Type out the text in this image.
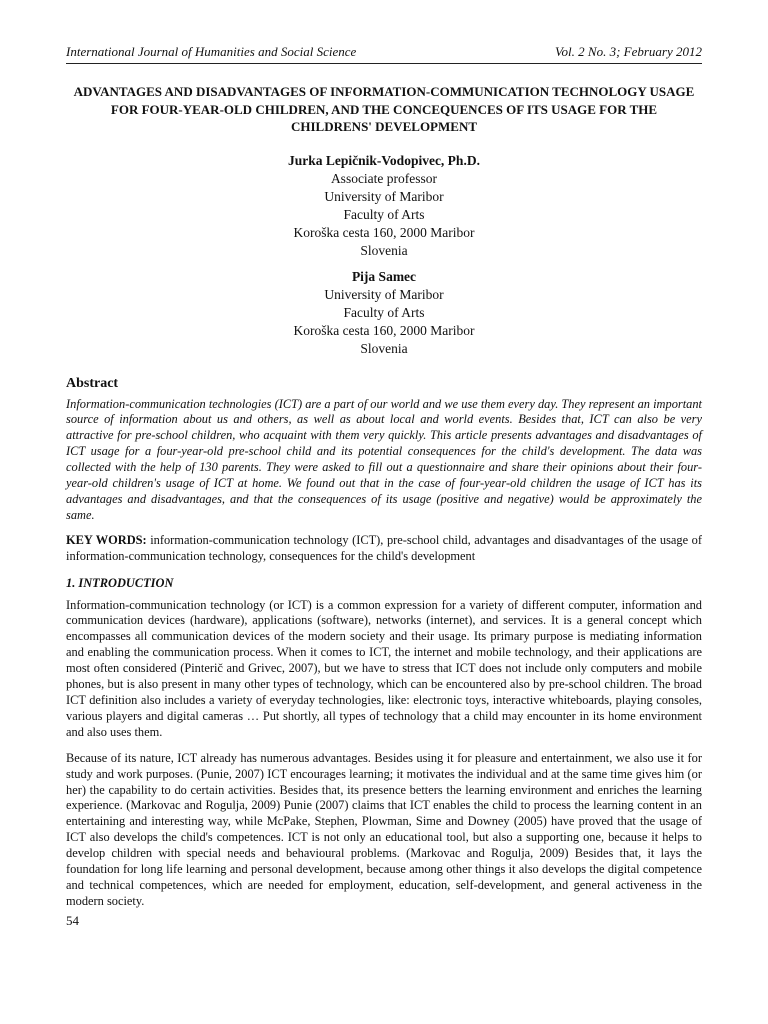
International Journal of Humanities and Social Science	Vol. 2 No. 3; February 2012
ADVANTAGES AND DISADVANTAGES OF INFORMATION-COMMUNICATION TECHNOLOGY USAGE FOR FOUR-YEAR-OLD CHILDREN, AND THE CONCEQUENCES OF ITS USAGE FOR THE CHILDRENS' DEVELOPMENT
Jurka Lepičnik-Vodopivec, Ph.D.
Associate professor
University of Maribor
Faculty of Arts
Koroška cesta 160, 2000 Maribor
Slovenia
Pija Samec
University of Maribor
Faculty of Arts
Koroška cesta 160, 2000 Maribor
Slovenia
Abstract
Information-communication technologies (ICT) are a part of our world and we use them every day. They represent an important source of information about us and others, as well as about local and world events. Besides that, ICT can also be very attractive for pre-school children, who acquaint with them very quickly. This article presents advantages and disadvantages of ICT usage for a four-year-old pre-school child and its potential consequences for the child's development. The data was collected with the help of 130 parents. They were asked to fill out a questionnaire and share their opinions about their four-year-old children's usage of ICT at home. We found out that in the case of four-year-old children the usage of ICT has its advantages and disadvantages, and that the consequences of its usage (positive and negative) would be approximately the same.
KEY WORDS: information-communication technology (ICT), pre-school child, advantages and disadvantages of the usage of information-communication technology, consequences for the child's development
1. INTRODUCTION
Information-communication technology (or ICT) is a common expression for a variety of different computer, information and communication devices (hardware), applications (software), networks (internet), and services. It is a general concept which encompasses all communication devices of the modern society and their usage. Its primary purpose is mediating information and enabling the communication process. When it comes to ICT, the internet and mobile technology, and their applications are most often considered (Pinterič and Grivec, 2007), but we have to stress that ICT does not include only computers and mobile phones, but is also present in many other types of technology, which can be encountered also by pre-school children. The broad ICT definition also includes a variety of everyday technologies, like: electronic toys, interactive whiteboards, playing consoles, various players and digital cameras … Put shortly, all types of technology that a child may encounter in its home environment and also uses them.
Because of its nature, ICT already has numerous advantages. Besides using it for pleasure and entertainment, we also use it for study and work purposes. (Punie, 2007) ICT encourages learning; it motivates the individual and at the same time gives him (or her) the capability to do certain activities. Besides that, its presence betters the learning environment and enriches the learning experience. (Markovac and Rogulja, 2009) Punie (2007) claims that ICT enables the child to process the learning content in an entertaining and interesting way, while McPake, Stephen, Plowman, Sime and Downey (2005) have proved that the usage of ICT also develops the child's competences. ICT is not only an educational tool, but also a supporting one, because it helps to develop children with special needs and behavioural problems. (Markovac and Rogulja, 2009) Besides that, it lays the foundation for long life learning and personal development, because among other things it also develops the digital competence and technical competences, which are needed for employment, education, self-development, and general activeness in the modern society.
54
